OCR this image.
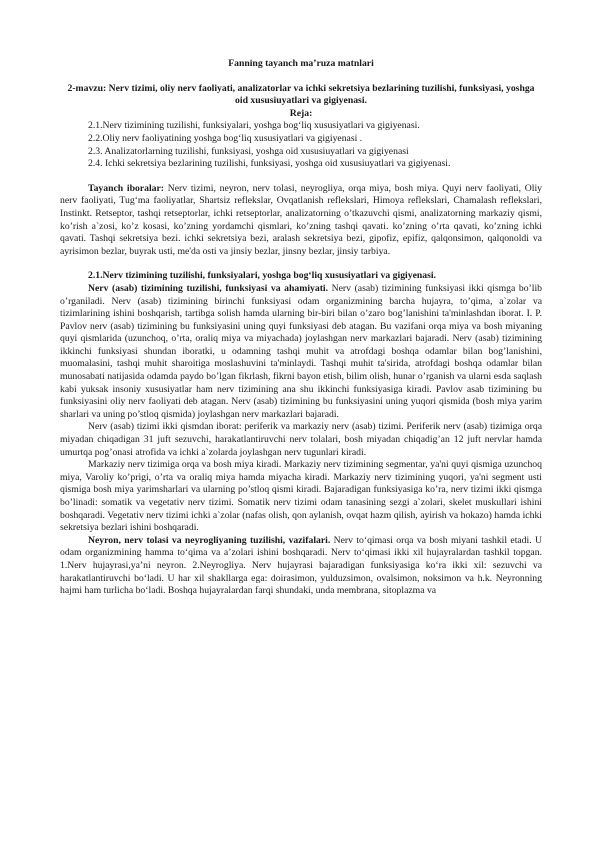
Fanning tayanch ma’ruza matnlari

2-mavzu: Nerv tizimi, oliy nerv faoliyati, analizatorlar va ichki sekretsiya bezlarining tuzilishi, funksiyasi, yoshga oid xususiuyatlari va gigiyenasi.

Reja:

2.1.Nerv tizimining tuzilishi, funksiyalari, yoshga bog‘liq xususiyatlari va gigiyenasi.

2.2.Oliy nerv faoliyatining yoshga bog‘liq xususiyatlari va gigiyenasi .

2.3. Analizatorlarning tuzilishi, funksiyasi, yoshga oid xususiuyatlari va gigiyenasi

2.4. Ichki sekretsiya bezlarining tuzilishi, funksiyasi, yoshga oid xususiuyatlari va gigiyenasi.

Tayanch iboralar: Nerv tizimi, neyron, nerv tolasi, neyrogliya, orqa miya, bosh miya. Quyi nerv faoliyati, Oliy nerv faoliyati, Tug‘ma faoliyatlar, Shartsiz reflekslar, Ovqatlanish reflekslari, Himoya reflekslari, Chamalash reflekslari, Instinkt. Retseptor, tashqi retseptorlar, ichki retseptorlar, analizatorning o’tkazuvchi qismi, analizatorning markaziy qismi, ko’rish a`zosi, ko’z kosasi, ko’zning yordamchi qismlari, ko’zning tashqi qavati. ko’zning o’rta qavati, ko’zning ichki qavati. Tashqi sekretsiya bezi. ichki sekretsiya bezi, aralash sekretsiya bezi, gipofiz, epifiz, qalqonsimon, qalqonoldi va ayrisimon bezlar, buyrak usti, me'da osti va jinsiy bezlar, jinsny bezlar, jinsiy tarbiya.

2.1.Nerv tizimining tuzilishi, funksiyalari, yoshga bog‘liq xususiyatlari va gigiyenasi.

Nerv (asab) tizimining tuzilishi, funksiyasi va ahamiyati. Nerv (asab) tizimining funksiyasi ikki qismga bo’lib o’rganiladi. Nerv (asab) tizimining birinchi funksiyasi odam organizmining barcha hujayra, to’qima, a`zolar va tizimlarining ishini boshqarish, tartibga solish hamda ularning bir-biri bilan o’zaro bog’lanishini ta'minlashdan iborat. I. P. Pavlov nerv (asab) tizimining bu funksiyasini uning quyi funksiyasi deb atagan. Bu vazifani orqa miya va bosh miyaning quyi qismlarida (uzunchoq, o’rta, oraliq miya va miyachada) joylashgan nerv markazlari bajaradi. Nerv (asab) tizimining ikkinchi funksiyasi shundan iboratki, u odamning tashqi muhit va atrofdagi boshqa odamlar bilan bog’lanishini, muomalasini, tashqi muhit sharoitiga moslashuvini ta'minlaydi. Tashqi muhit ta'sirida, atrofdagi boshqa odamlar bilan munosabati natijasida odamda paydo bo’lgan fikrlash, fikrni bayon etish, bilim olish, hunar o’rganish va ularni esda saqlash kabi yuksak insoniy xususiyatlar ham nerv tizimining ana shu ikkinchi funksiyasiga kiradi. Pavlov asab tizimining bu funksiyasini oliy nerv faoliyati deb atagan. Nerv (asab) tizimining bu funksiyasini uning yuqori qismida (bosh miya yarim sharlari va uning po’stloq qismida) joylashgan nerv markazlari bajaradi.

Nerv (asab) tizimi ikki qismdan iborat: periferik va markaziy nerv (asab) tizimi. Periferik nerv (asab) tizimiga orqa miyadan chiqadigan 31 juft sezuvchi, harakatlantiruvchi nerv tolalari, bosh miyadan chiqadig’an 12 juft nervlar hamda umurtqa pog’onasi atrofida va ichki a`zolarda joylashgan nerv tugunlari kiradi.

Markaziy nerv tizimiga orqa va bosh miya kiradi. Markaziy nerv tizimining segmentar, ya'ni quyi qismiga uzunchoq miya, Varoliy ko’prigi, o’rta va oraliq miya hamda miyacha kiradi. Markaziy nerv tizimining yuqori, ya'ni segment usti qismiga bosh miya yarimsharlari va ularning po’stloq qismi kiradi. Bajaradigan funksiyasiga ko’ra, nerv tizimi ikki qismga bo’linadi: somatik va vegetativ nerv tizimi. Somatik nerv tizimi odam tanasining sezgi a`zolari, skelet muskullari ishini boshqaradi. Vegetativ nerv tizimi ichki a`zolar (nafas olish, qon aylanish, ovqat hazm qilish, ayirish va hokazo) hamda ichki sekretsiya bezlari ishini boshqaradi.

Neyron, nerv tolasi va neyrogliyaning tuzilishi, vazifalari. Nerv to‘qimasi orqa va bosh miyani tashkil etadi. U odam organizmining hamma to‘qima va a’zolari ishini boshqaradi. Nerv to‘qimasi ikki xil hujayralardan tashkil topgan. 1.Nerv hujayrasi,ya’ni neyron. 2.Neyrogliya. Nerv hujayrasi bajaradigan funksiyasiga ko‘ra ikki xil: sezuvchi va harakatlantiruvchi bo‘ladi. U har xil shakllarga ega: doirasimon, yulduzsimon, ovalsimon, noksimon va h.k. Neyronning hajmi ham turlicha bo‘ladi. Boshqa hujayralardan farqi shundaki, unda membrana, sitoplazma va
